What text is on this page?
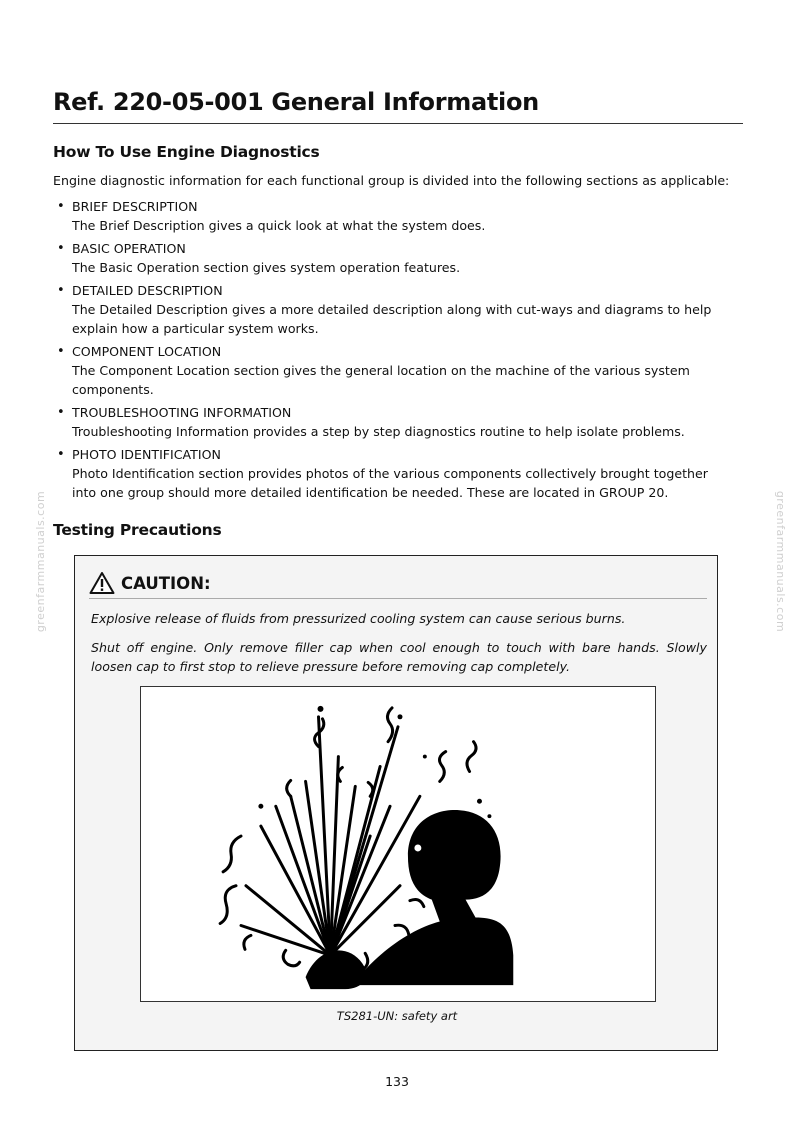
Ref. 220-05-001 General Information
How To Use Engine Diagnostics

Engine diagnostic information for each functional group is divided into the following sections as applicable:

• BRIEF DESCRIPTION
The Brief Description gives a quick look at what the system does.
• BASIC OPERATION
The Basic Operation section gives system operation features.
• DETAILED DESCRIPTION
The Detailed Description gives a more detailed description along with cut-ways and diagrams to help explain how a particular system works.
• COMPONENT LOCATION
The Component Location section gives the general location on the machine of the various system components.
• TROUBLESHOOTING INFORMATION
Troubleshooting Information provides a step by step diagnostics routine to help isolate problems.
• PHOTO IDENTIFICATION
Photo Identification section provides photos of the various components collectively brought together into one group should more detailed identification be needed. These are located in GROUP 20.
Testing Precautions
CAUTION:

Explosive release of fluids from pressurized cooling system can cause serious burns.

Shut off engine. Only remove filler cap when cool enough to touch with bare hands. Slowly loosen cap to first stop to relieve pressure before removing cap completely.

TS281-UN: safety art
133
greenfarmmanuals.com	greenfarmmanuals.com
